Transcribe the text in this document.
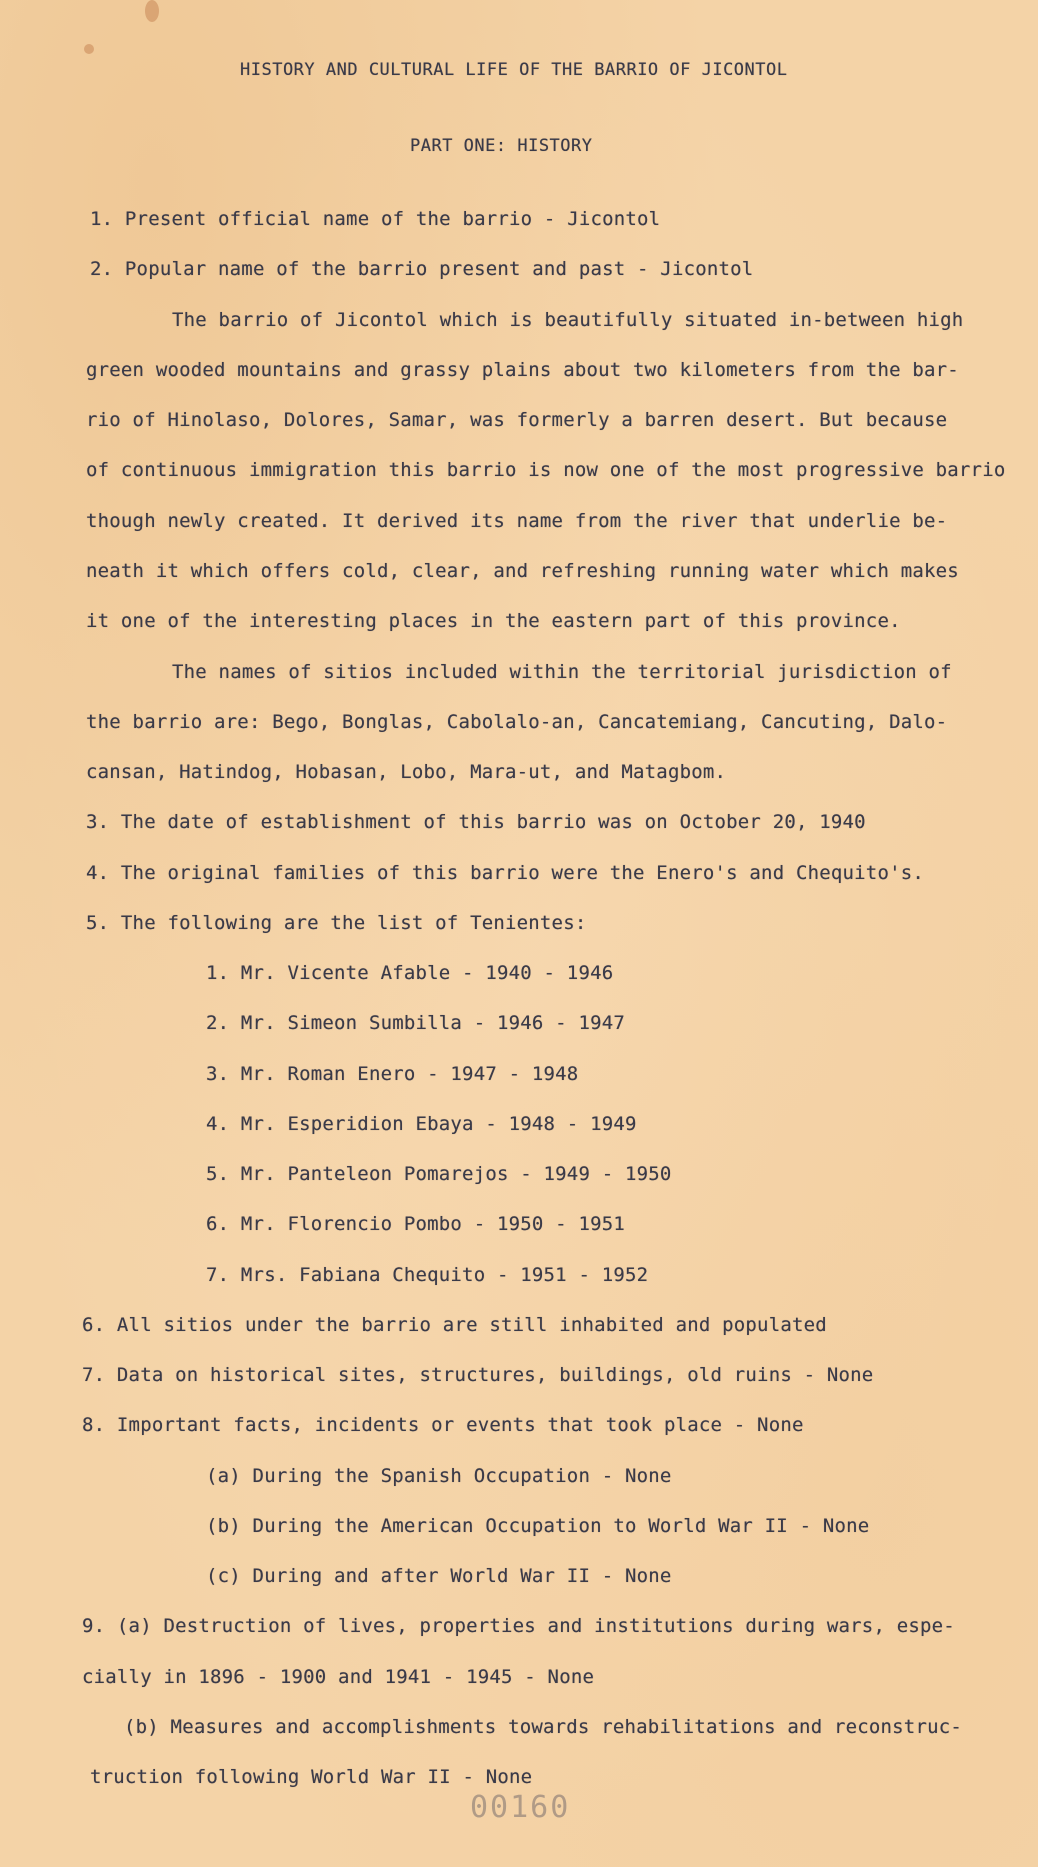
HISTORY AND CULTURAL LIFE OF THE BARRIO OF JICONTOL
PART ONE: HISTORY
1. Present official name of the barrio - Jicontol
2. Popular name of the barrio present and past - Jicontol
The barrio of Jicontol which is beautifully situated in-between high
green wooded mountains and grassy plains about two kilometers from the bar-
rio of Hinolaso, Dolores, Samar, was formerly a barren desert. But because
of continuous immigration this barrio is now one of the most progressive barrio
though newly created. It derived its name from the river that underlie be-
neath it which offers cold, clear, and refreshing running water which makes
it one of the interesting places in the eastern part of this province.
The names of sitios included within the territorial jurisdiction of
the barrio are: Bego, Bonglas, Cabolalo-an, Cancatemiang, Cancuting, Dalo-
cansan, Hatindog, Hobasan, Lobo, Mara-ut, and Matagbom.
3. The date of establishment of this barrio was on October 20, 1940
4. The original families of this barrio were the Enero's and Chequito's.
5. The following are the list of Tenientes:
1. Mr. Vicente Afable - 1940 - 1946
2. Mr. Simeon Sumbilla - 1946 - 1947
3. Mr. Roman Enero - 1947 - 1948
4. Mr. Esperidion Ebaya - 1948 - 1949
5. Mr. Panteleon Pomarejos - 1949 - 1950
6. Mr. Florencio Pombo - 1950 - 1951
7. Mrs. Fabiana Chequito - 1951 - 1952
6. All sitios under the barrio are still inhabited and populated
7. Data on historical sites, structures, buildings, old ruins - None
8. Important facts, incidents or events that took place - None
(a) During the Spanish Occupation - None
(b) During the American Occupation to World War II - None
(c) During and after World War II - None
9. (a) Destruction of lives, properties and institutions during wars, espe-
cially in 1896 - 1900 and 1941 - 1945 - None
(b) Measures and accomplishments towards rehabilitations and reconstruc-
truction following World War II - None
00160
